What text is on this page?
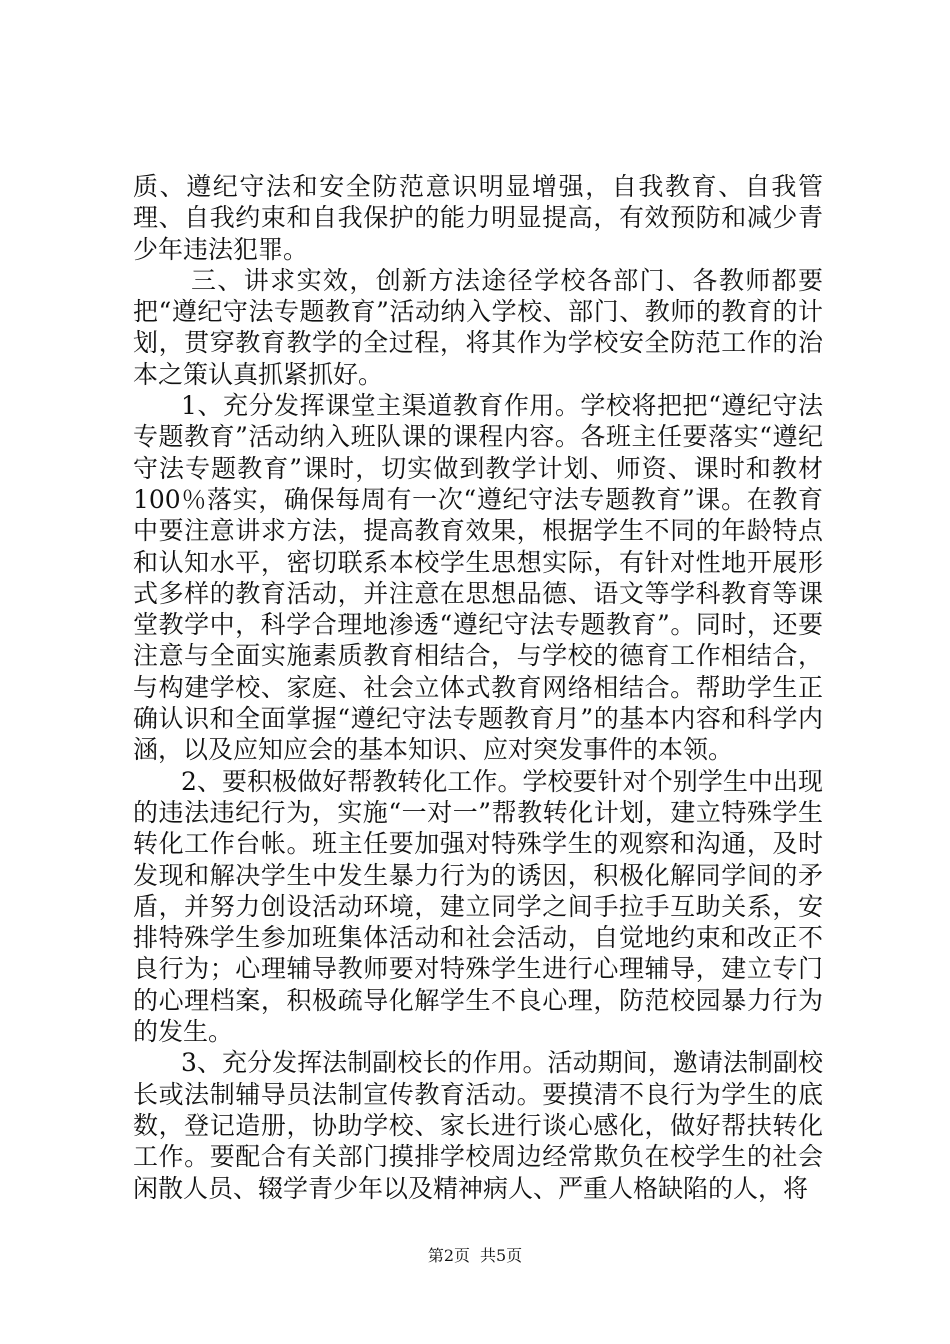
质、遵纪守法和安全防范意识明显增强，自我教育、自我管理、自我约束和自我保护的能力明显提高，有效预防和减少青少年违法犯罪。

三、讲求实效，创新方法途径学校各部门、各教师都要把“遵纪守法专题教育”活动纳入学校、部门、教师的教育的计划，贯穿教育教学的全过程，将其作为学校安全防范工作的治本之策认真抓紧抓好。

1、充分发挥课堂主渠道教育作用。学校将把把“遵纪守法专题教育”活动纳入班队课的课程内容。各班主任要落实“遵纪守法专题教育”课时，切实做到教学计划、师资、课时和教材100％落实，确保每周有一次“遵纪守法专题教育”课。在教育中要注意讲求方法，提高教育效果，根据学生不同的年龄特点和认知水平，密切联系本校学生思想实际，有针对性地开展形式多样的教育活动，并注意在思想品德、语文等学科教育等课堂教学中，科学合理地渗透“遵纪守法专题教育”。同时，还要注意与全面实施素质教育相结合，与学校的德育工作相结合，与构建学校、家庭、社会立体式教育网络相结合。帮助学生正确认识和全面掌握“遵纪守法专题教育月”的基本内容和科学内涵，以及应知应会的基本知识、应对突发事件的本领。

2、要积极做好帮教转化工作。学校要针对个别学生中出现的违法违纪行为，实施“一对一”帮教转化计划，建立特殊学生转化工作台帐。班主任要加强对特殊学生的观察和沟通，及时发现和解决学生中发生暴力行为的诱因，积极化解同学间的矛盾，并努力创设活动环境，建立同学之间手拉手互助关系，安排特殊学生参加班集体活动和社会活动，自觉地约束和改正不良行为；心理辅导教师要对特殊学生进行心理辅导，建立专门的心理档案，积极疏导化解学生不良心理，防范校园暴力行为的发生。

3、充分发挥法制副校长的作用。活动期间，邀请法制副校长或法制辅导员法制宣传教育活动。要摸清不良行为学生的底数，登记造册，协助学校、家长进行谈心感化，做好帮扶转化工作。要配合有关部门摸排学校周边经常欺负在校学生的社会闲散人员、辍学青少年以及精神病人、严重人格缺陷的人，将

第2页 共5页
